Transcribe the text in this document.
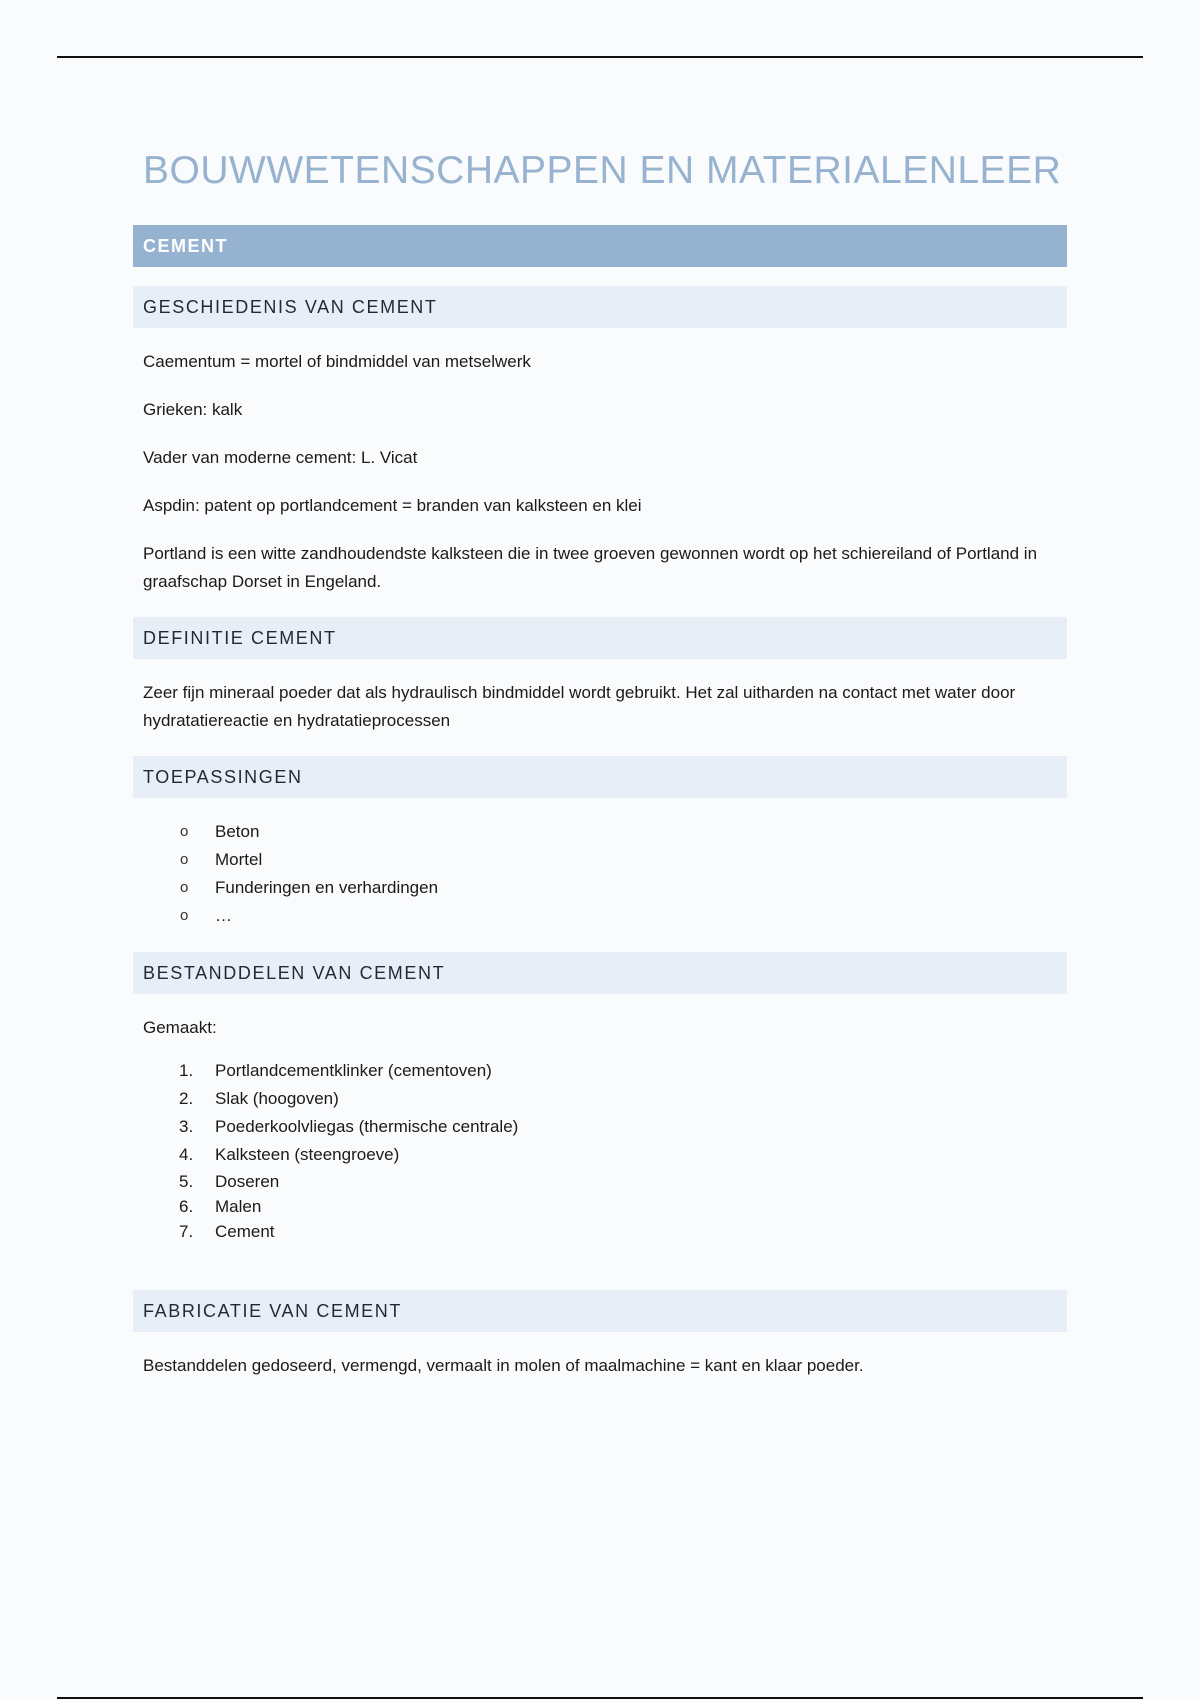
BOUWWETENSCHAPPEN EN MATERIALENLEER
CEMENT
GESCHIEDENIS VAN CEMENT

Caementum = mortel of bindmiddel van metselwerk

Grieken: kalk

Vader van moderne cement: L. Vicat

Aspdin: patent op portlandcement = branden van kalksteen en klei

Portland is een witte zandhoudendste kalksteen die in twee groeven gewonnen wordt op het schiereiland of Portland in graafschap Dorset in Engeland.

DEFINITIE CEMENT

Zeer fijn mineraal poeder dat als hydraulisch bindmiddel wordt gebruikt. Het zal uitharden na contact met water door hydratatiereactie en hydratatieprocessen

TOEPASSINGEN
o Beton
o Mortel
o Funderingen en verhardingen
o …
BESTANDDELEN VAN CEMENT

Gemaakt:

1. Portlandcementklinker (cementoven)
2. Slak (hoogoven)
3. Poederkoolvliegas (thermische centrale)
4. Kalksteen (steengroeve)
5. Doseren
6. Malen
7. Cement
FABRICATIE VAN CEMENT

Bestanddelen gedoseerd, vermengd, vermaalt in molen of maalmachine = kant en klaar poeder.
